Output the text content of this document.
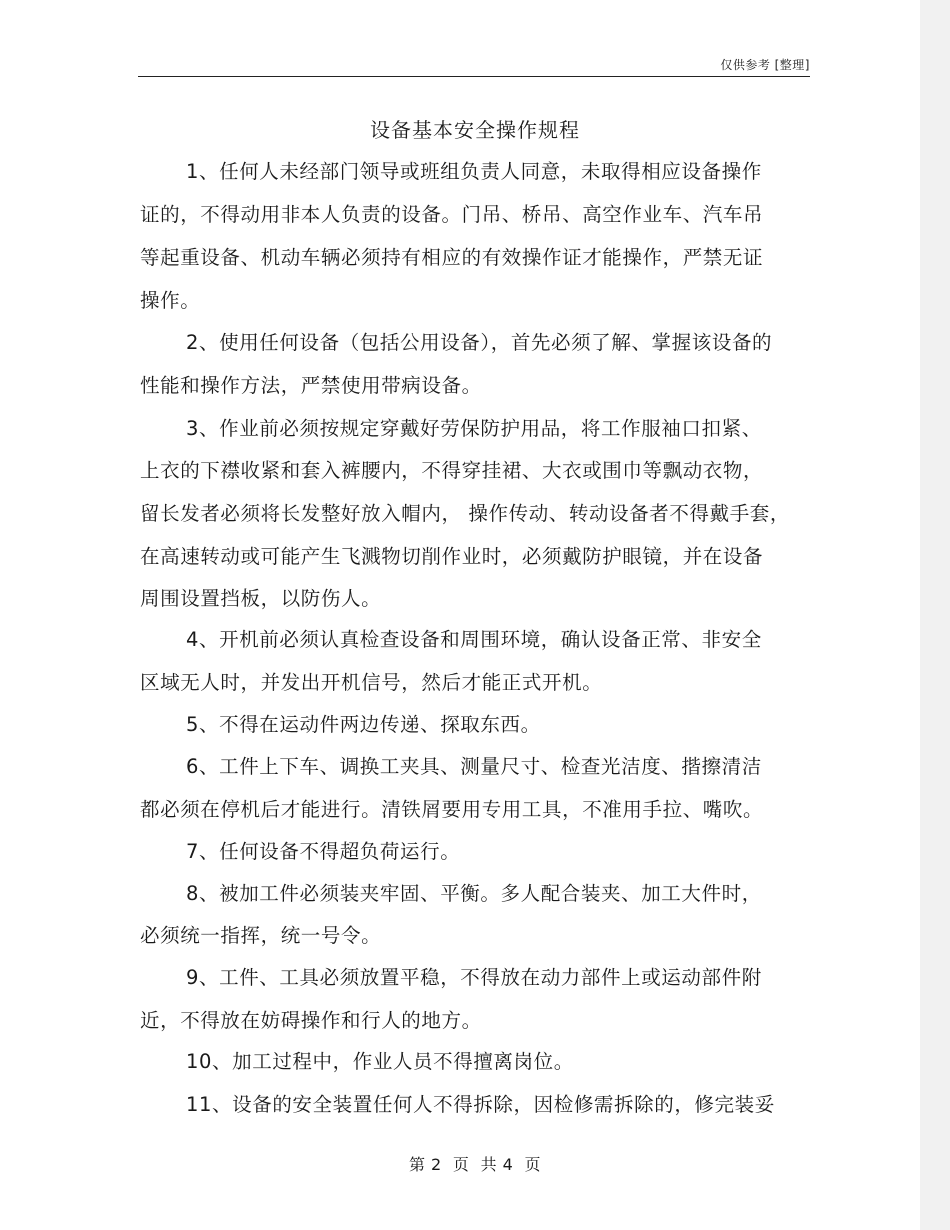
仅供参考 [整理]
设备基本安全操作规程
1、任何人未经部门领导或班组负责人同意，未取得相应设备操作
证的，不得动用非本人负责的设备。门吊、桥吊、高空作业车、汽车吊
等起重设备、机动车辆必须持有相应的有效操作证才能操作，严禁无证
操作。
2、使用任何设备（包括公用设备），首先必须了解、掌握该设备的
性能和操作方法，严禁使用带病设备。
3、作业前必须按规定穿戴好劳保防护用品，将工作服袖口扣紧、
上衣的下襟收紧和套入裤腰内，不得穿挂裙、大衣或围巾等飘动衣物，
留长发者必须将长发整好放入帽内， 操作传动、转动设备者不得戴手套，
在高速转动或可能产生飞溅物切削作业时，必须戴防护眼镜，并在设备
周围设置挡板，以防伤人。
4、开机前必须认真检查设备和周围环境，确认设备正常、非安全
区域无人时，并发出开机信号，然后才能正式开机。
5、不得在运动件两边传递、探取东西。
6、工件上下车、调换工夹具、测量尺寸、检查光洁度、揩擦清洁
都必须在停机后才能进行。清铁屑要用专用工具，不准用手拉、嘴吹。
7、任何设备不得超负荷运行。
8、被加工件必须装夹牢固、平衡。多人配合装夹、加工大件时，
必须统一指挥，统一号令。
9、工件、工具必须放置平稳，不得放在动力部件上或运动部件附
近，不得放在妨碍操作和行人的地方。
10、加工过程中，作业人员不得擅离岗位。
11、设备的安全装置任何人不得拆除，因检修需拆除的，修完装妥
第 2  页  共 4  页
